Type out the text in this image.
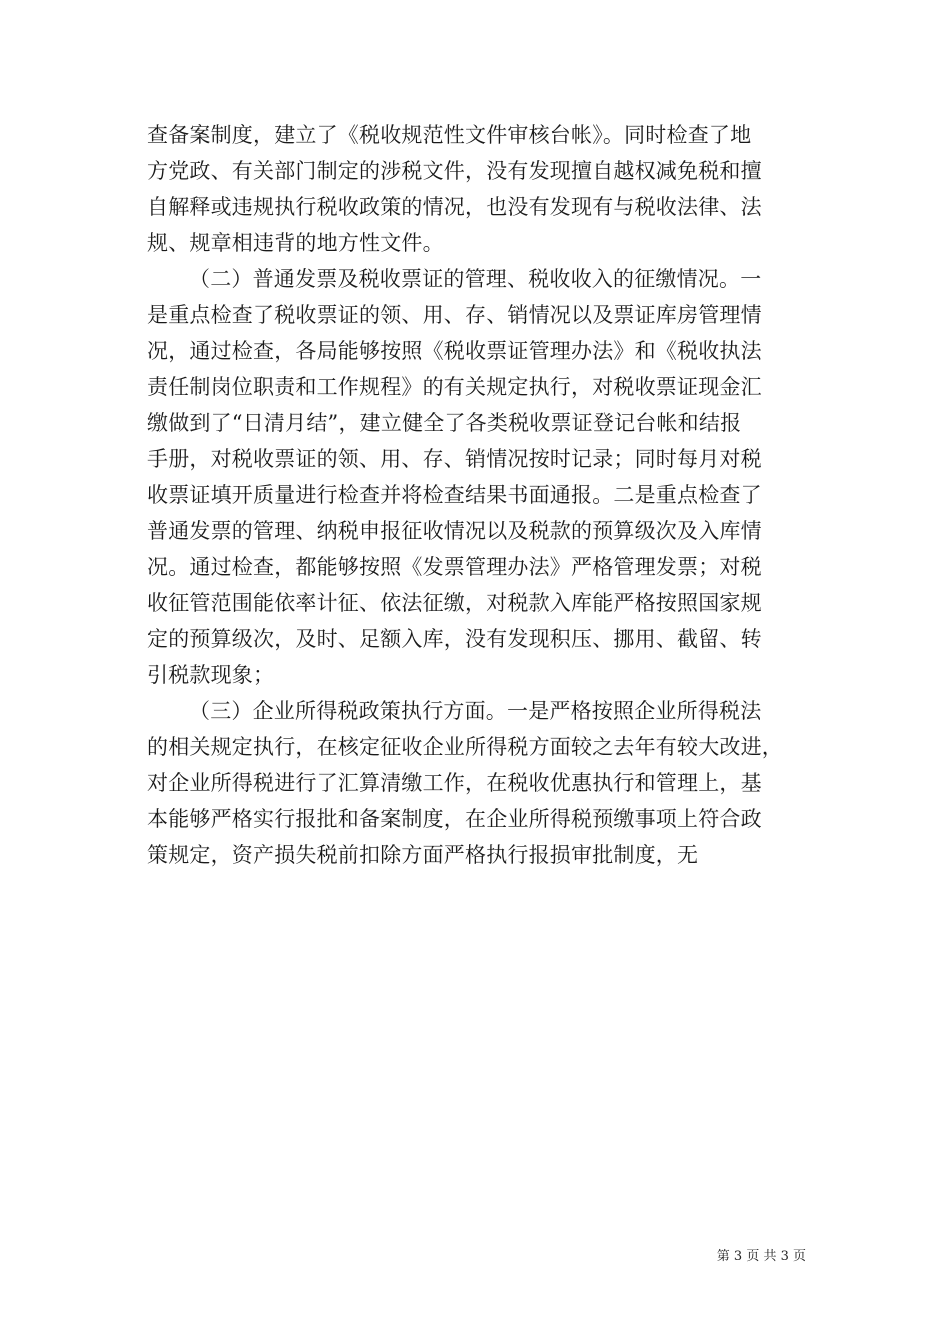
查备案制度，建立了《税收规范性文件审核台帐》。同时检查了地
方党政、有关部门制定的涉税文件，没有发现擅自越权减免税和擅
自解释或违规执行税收政策的情况，也没有发现有与税收法律、法
规、规章相违背的地方性文件。
（二）普通发票及税收票证的管理、税收收入的征缴情况。一
是重点检查了税收票证的领、用、存、销情况以及票证库房管理情
况，通过检查，各局能够按照《税收票证管理办法》和《税收执法
责任制岗位职责和工作规程》的有关规定执行，对税收票证现金汇
缴做到了“日清月结”，建立健全了各类税收票证登记台帐和结报
手册，对税收票证的领、用、存、销情况按时记录；同时每月对税
收票证填开质量进行检查并将检查结果书面通报。二是重点检查了
普通发票的管理、纳税申报征收情况以及税款的预算级次及入库情
况。通过检查，都能够按照《发票管理办法》严格管理发票；对税
收征管范围能依率计征、依法征缴，对税款入库能严格按照国家规
定的预算级次，及时、足额入库，没有发现积压、挪用、截留、转
引税款现象；
（三）企业所得税政策执行方面。一是严格按照企业所得税法
的相关规定执行，在核定征收企业所得税方面较之去年有较大改进，
对企业所得税进行了汇算清缴工作，在税收优惠执行和管理上，基
本能够严格实行报批和备案制度，在企业所得税预缴事项上符合政
策规定，资产损失税前扣除方面严格执行报损审批制度，无
第 3 页 共 3 页
